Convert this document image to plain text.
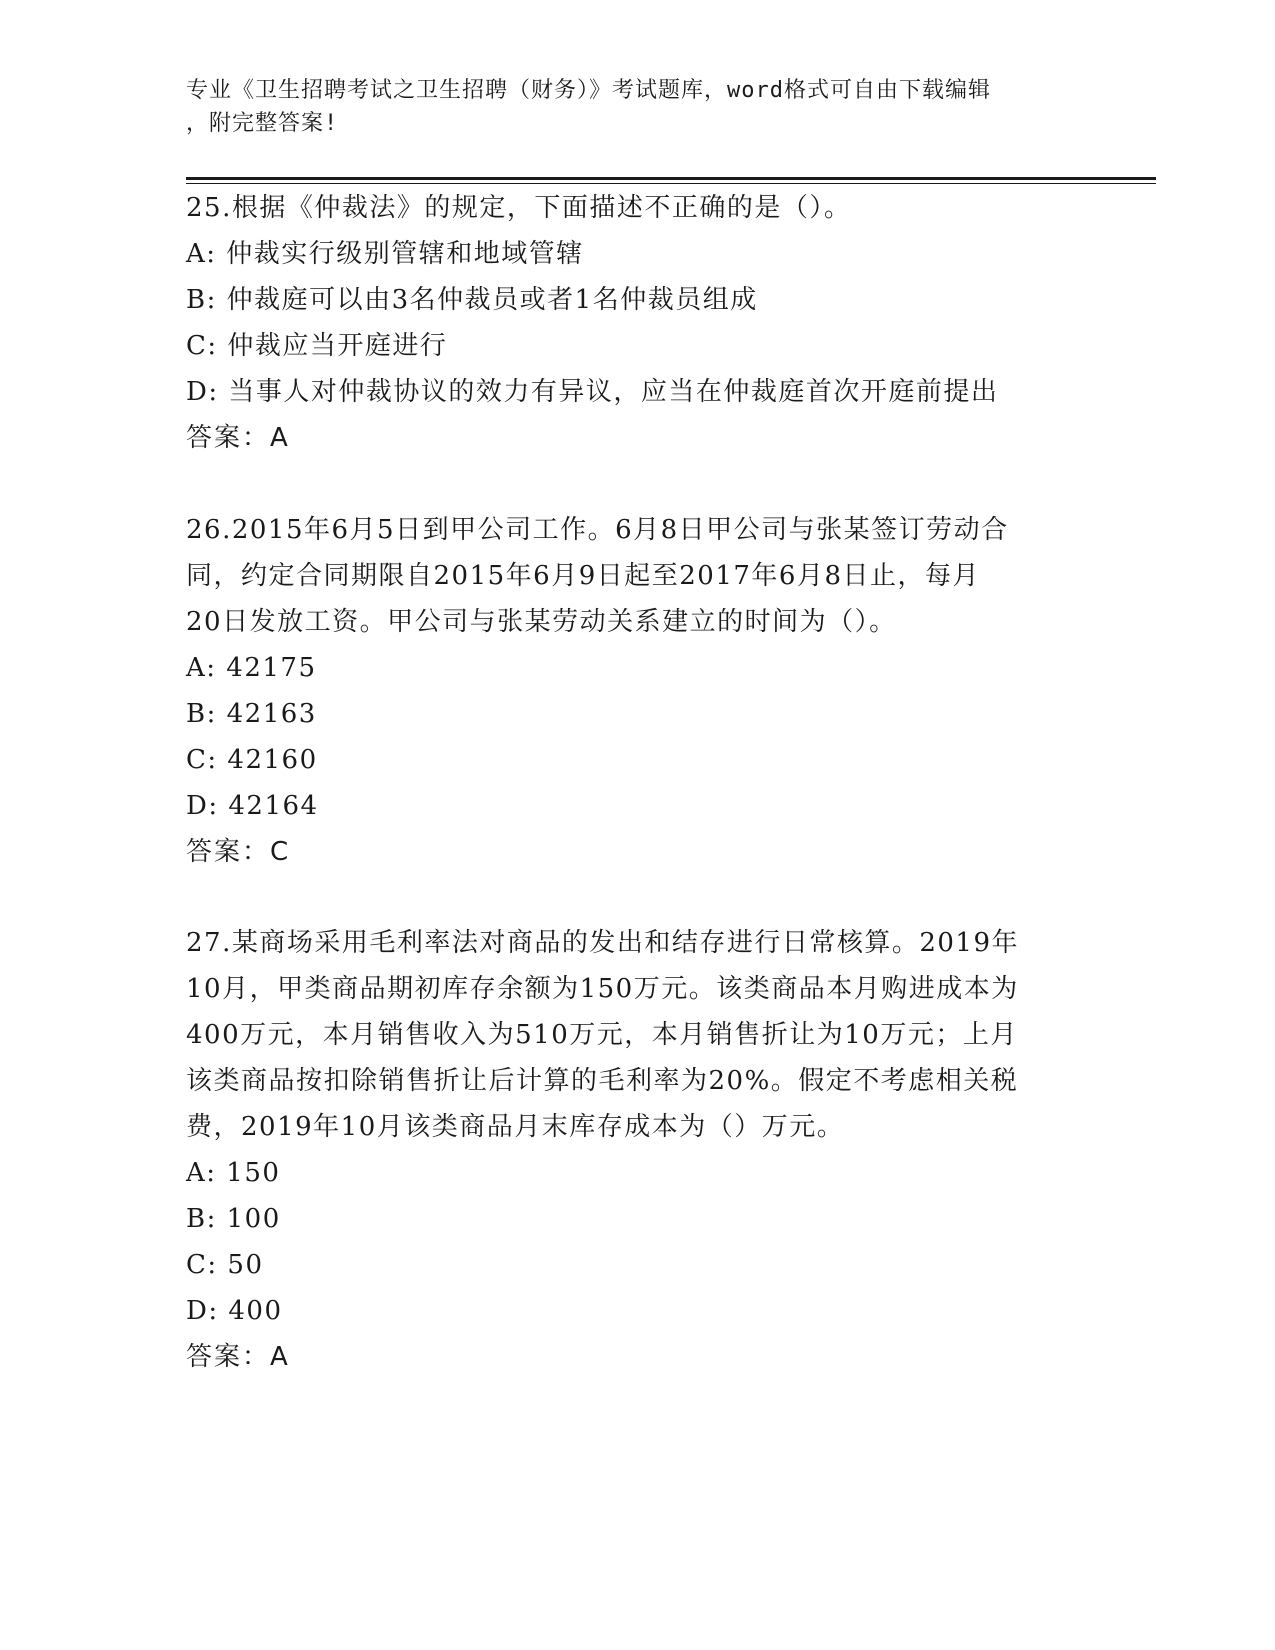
专业《卫生招聘考试之卫生招聘（财务）》考试题库，word格式可自由下载编辑
，附完整答案!
25.根据《仲裁法》的规定，下面描述不正确的是（）。
A: 仲裁实行级别管辖和地域管辖
B: 仲裁庭可以由3名仲裁员或者1名仲裁员组成
C: 仲裁应当开庭进行
D: 当事人对仲裁协议的效力有异议，应当在仲裁庭首次开庭前提出
答案：A
26.2015年6月5日到甲公司工作。6月8日甲公司与张某签订劳动合
同，约定合同期限自2015年6月9日起至2017年6月8日止，每月
20日发放工资。甲公司与张某劳动关系建立的时间为（）。
A: 42175
B: 42163
C: 42160
D: 42164
答案：C
27.某商场采用毛利率法对商品的发出和结存进行日常核算。2019年
10月，甲类商品期初库存余额为150万元。该类商品本月购进成本为
400万元，本月销售收入为510万元，本月销售折让为10万元；上月
该类商品按扣除销售折让后计算的毛利率为20%。假定不考虑相关税
费，2019年10月该类商品月末库存成本为（）万元。
A: 150
B: 100
C: 50
D: 400
答案：A
